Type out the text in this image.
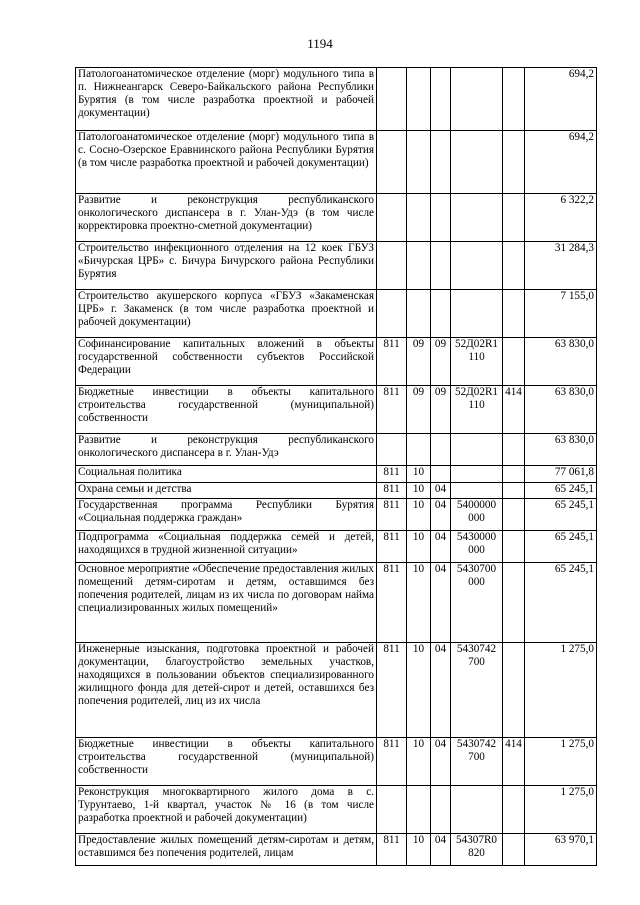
1194
Патологоанатомическое отделение (морг) модульного типа в п. Нижнеангарск Северо-Байкальского района Республики Бурятия (в том числе разработка проектной и рабочей документации)						694,2
Патологоанатомическое отделение (морг) модульного типа в с. Сосно-Озерское Еравнинского района Республики Бурятия (в том числе разработка проектной и рабочей документации)						694,2
Развитие и реконструкция республиканского онкологического диспансера в г. Улан-Удэ (в том числе корректировка проектно-сметной документации)						6 322,2
Строительство инфекционного отделения на 12 коек ГБУЗ «Бичурская ЦРБ» с. Бичура Бичурского района Республики Бурятия						31 284,3
Строительство акушерского корпуса «ГБУЗ «Закаменская ЦРБ» г. Закаменск (в том числе разработка проектной и рабочей документации)						7 155,0
Софинансирование капитальных вложений в объекты государственной собственности субъектов Российской Федерации	811	09	09	52Д02R1 110		63 830,0
Бюджетные инвестиции в объекты капитального строительства государственной (муниципальной) собственности	811	09	09	52Д02R1 110	414	63 830,0
Развитие и реконструкция республиканского онкологического диспансера в г. Улан-Удэ						63 830,0
Социальная политика	811	10				77 061,8
Охрана семьи и детства	811	10	04			65 245,1
Государственная программа Республики Бурятия «Социальная поддержка граждан»	811	10	04	5400000 000		65 245,1
Подпрограмма «Социальная поддержка семей и детей, находящихся в трудной жизненной ситуации»	811	10	04	5430000 000		65 245,1
Основное мероприятие «Обеспечение предоставления жилых помещений детям-сиротам и детям, оставшимся без попечения родителей, лицам из их числа по договорам найма специализированных жилых помещений»	811	10	04	5430700 000		65 245,1
Инженерные изыскания, подготовка проектной и рабочей документации, благоустройство земельных участков, находящихся в пользовании объектов специализированного жилищного фонда для детей-сирот и детей, оставшихся без попечения родителей, лиц из их числа	811	10	04	5430742 700		1 275,0
Бюджетные инвестиции в объекты капитального строительства государственной (муниципальной) собственности	811	10	04	5430742 700	414	1 275,0
Реконструкция многоквартирного жилого дома в с. Турунтаево, 1-й квартал, участок № 16 (в том числе разработка проектной и рабочей документации)						1 275,0
Предоставление жилых помещений детям-сиротам и детям, оставшимся без попечения родителей, лицам	811	10	04	54307R0 820		63 970,1
